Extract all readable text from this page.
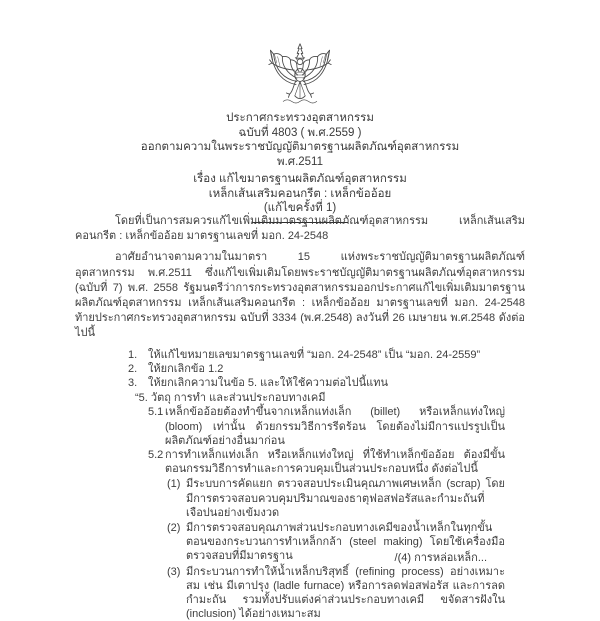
ประกาศกระทรวงอุตสาหกรรม
ฉบับที่ 4803 ( พ.ศ.2559 )
ออกตามความในพระราชบัญญัติมาตรฐานผลิตภัณฑ์อุตสาหกรรม
พ.ศ.2511
เรื่อง แก้ไขมาตรฐานผลิตภัณฑ์อุตสาหกรรม
เหล็กเส้นเสริมคอนกรีต : เหล็กข้ออ้อย
(แก้ไขครั้งที่ 1)

โดยที่เป็นการสมควรแก้ไขเพิ่มเติมมาตรฐานผลิตภัณฑ์อุตสาหกรรม เหล็กเส้นเสริมคอนกรีต : เหล็กข้ออ้อย มาตรฐานเลขที่ มอก. 24-2548

อาศัยอำนาจตามความในมาตรา 15 แห่งพระราชบัญญัติมาตรฐานผลิตภัณฑ์อุตสาหกรรม พ.ศ.2511 ซึ่งแก้ไขเพิ่มเติมโดยพระราชบัญญัติมาตรฐานผลิตภัณฑ์อุตสาหกรรม (ฉบับที่ 7) พ.ศ. 2558 รัฐมนตรีว่าการกระทรวงอุตสาหกรรมออกประกาศแก้ไขเพิ่มเติมมาตรฐานผลิตภัณฑ์อุตสาหกรรม เหล็กเส้นเสริมคอนกรีต : เหล็กข้ออ้อย มาตรฐานเลขที่ มอก. 24-2548 ท้ายประกาศกระทรวงอุตสาหกรรม ฉบับที่ 3334 (พ.ศ.2548) ลงวันที่ 26 เมษายน พ.ศ.2548 ดังต่อไปนี้

1. ให้แก้ไขหมายเลขมาตรฐานเลขที่ “มอก. 24-2548” เป็น “มอก. 24-2559”
2. ให้ยกเลิกข้อ 1.2
3. ให้ยกเลิกความในข้อ 5. และให้ใช้ความต่อไปนี้แทน
“5. วัตถุ การทำ และส่วนประกอบทางเคมี
5.1 เหล็กข้ออ้อยต้องทำขึ้นจากเหล็กแท่งเล็ก (billet) หรือเหล็กแท่งใหญ่ (bloom) เท่านั้น ด้วยกรรมวิธีการรีดร้อน โดยต้องไม่มีการแปรรูปเป็นผลิตภัณฑ์อย่างอื่นมาก่อน
5.2 การทำเหล็กแท่งเล็ก หรือเหล็กแท่งใหญ่ ที่ใช้ทำเหล็กข้ออ้อย ต้องมีขั้นตอนกรรมวิธีการทำและการควบคุมเป็นส่วนประกอบหนึ่ง ดังต่อไปนี้
(1) มีระบบการคัดแยก ตรวจสอบประเมินคุณภาพเศษเหล็ก (scrap) โดยมีการตรวจสอบควบคุมปริมาณของธาตุฟอสฟอรัสและกำมะถันที่เจือปนอย่างเข้มงวด
(2) มีการตรวจสอบคุณภาพส่วนประกอบทางเคมีของน้ำเหล็กในทุกขั้นตอนของกระบวนการทำเหล็กกล้า (steel making) โดยใช้เครื่องมือตรวจสอบที่มีมาตรฐาน
(3) มีกระบวนการทำให้น้ำเหล็กบริสุทธิ์ (refining process) อย่างเหมาะสม เช่น มีเตาปรุง (ladle furnace) หรือการลดฟอสฟอรัส และการลดกำมะถัน รวมทั้งปรับแต่งค่าส่วนประกอบทางเคมี ขจัดสารฝังใน (inclusion) ได้อย่างเหมาะสม
/(4) การหล่อเหล็ก...
